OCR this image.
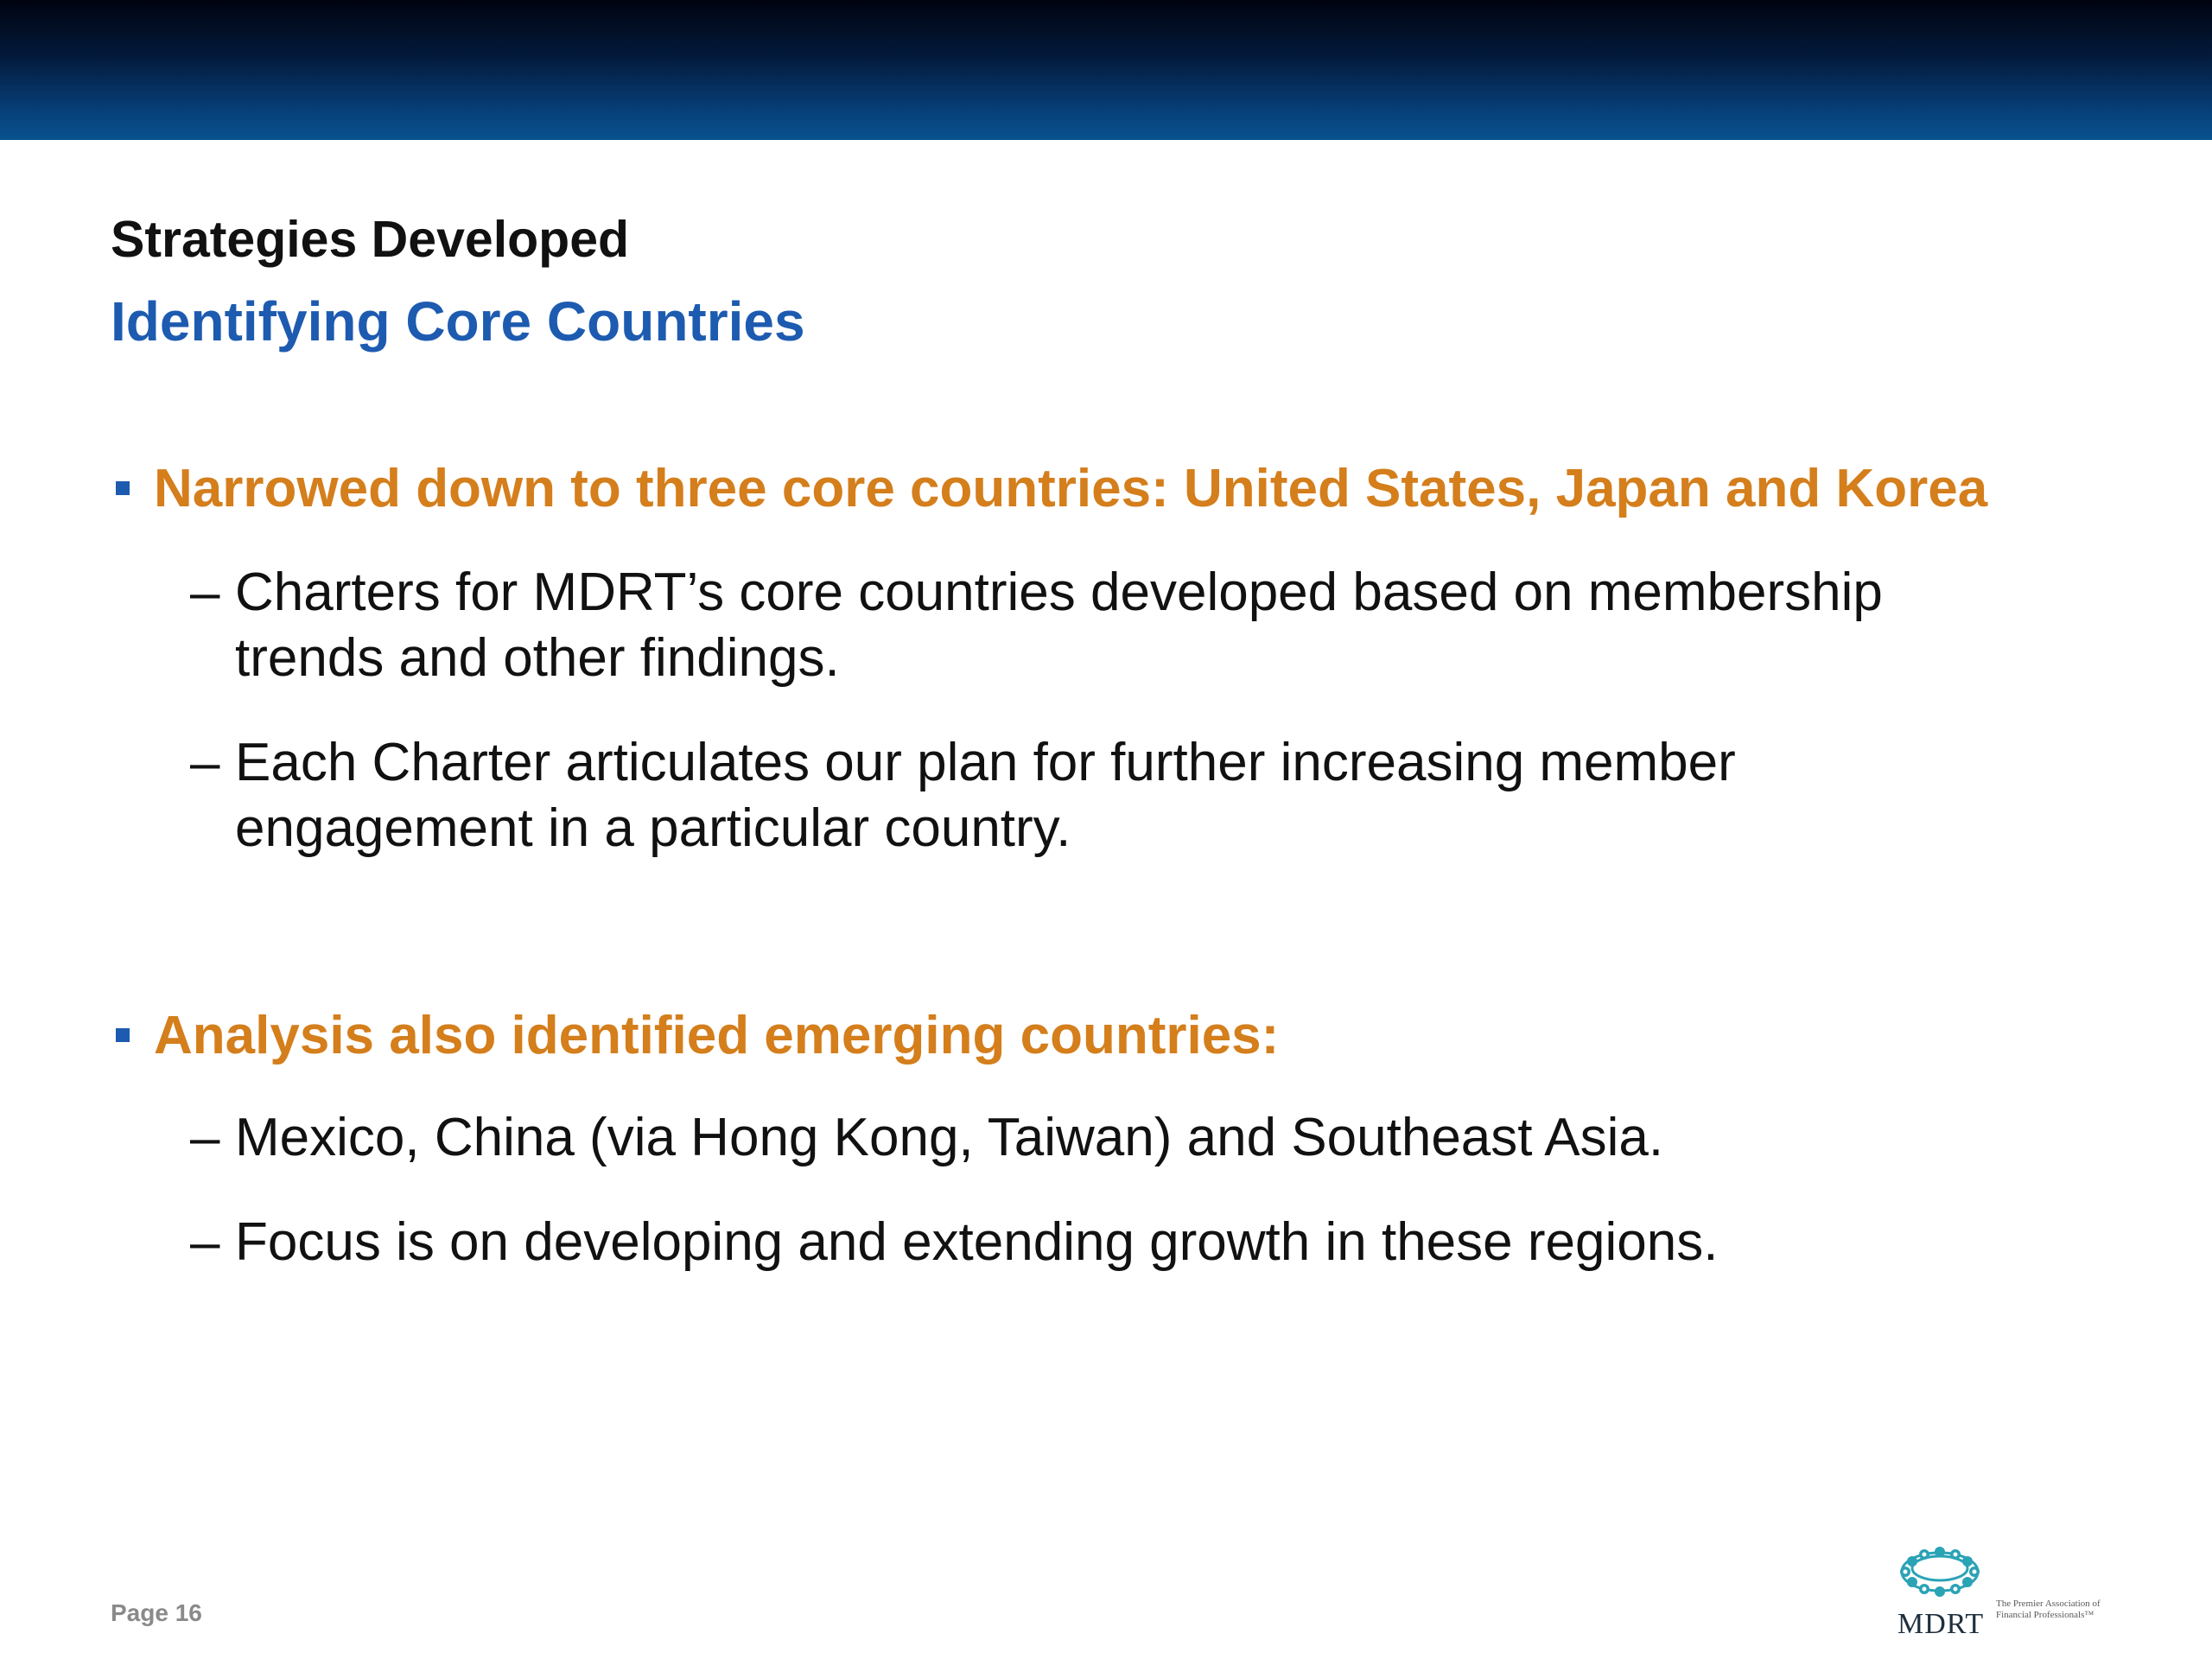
Strategies Developed
Identifying Core Countries
Narrowed down to three core countries: United States, Japan and Korea
– Charters for MDRT’s core countries developed based on membership trends and other findings.
– Each Charter articulates our plan for further increasing member engagement in a particular country.
Analysis also identified emerging countries:
– Mexico, China (via Hong Kong, Taiwan) and Southeast Asia.
– Focus is on developing and extending growth in these regions.
Page 16	MDRT
The Premier Association of Financial Professionals™
